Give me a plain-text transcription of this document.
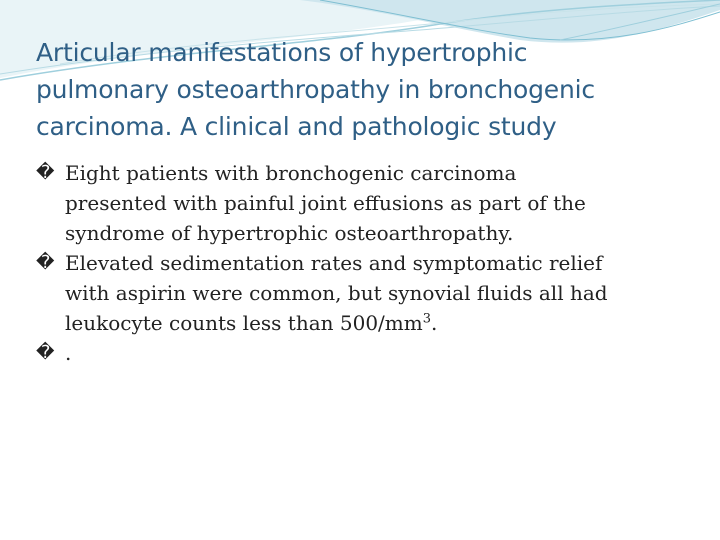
Articular manifestations of hypertrophic
pulmonary osteoarthropathy in bronchogenic
carcinoma. A clinical and pathologic study
� Eight patients with bronchogenic carcinoma
presented with painful joint effusions as part of the
syndrome of hypertrophic osteoarthropathy.
� Elevated sedimentation rates and symptomatic relief
with aspirin were common, but synovial fluids all had
leukocyte counts less than $500/mm^3$.
� .
